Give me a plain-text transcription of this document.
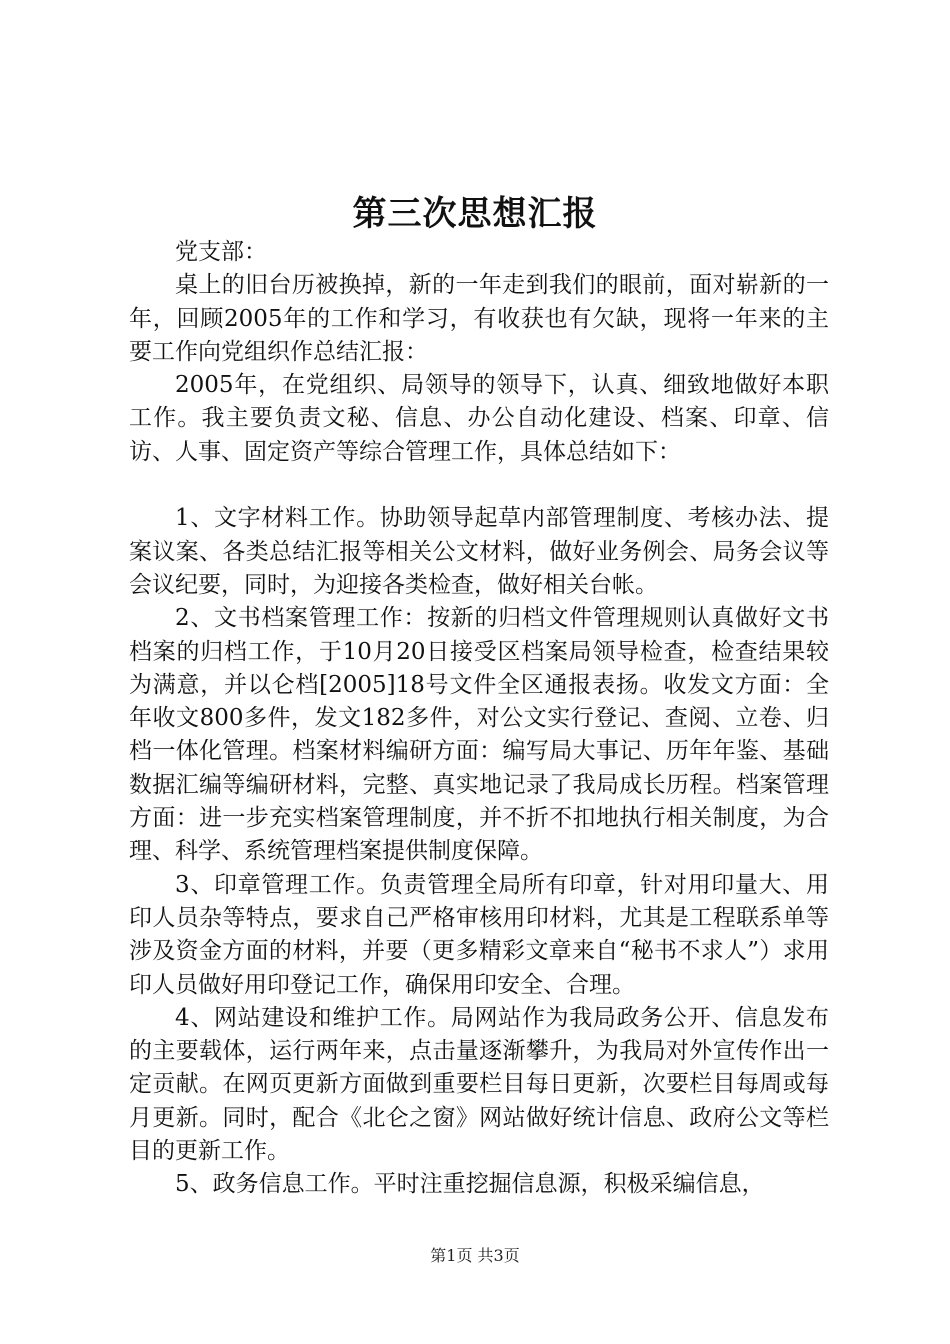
第三次思想汇报

党支部：

桌上的旧台历被换掉，新的一年走到我们的眼前，面对崭新的一年，回顾2005年的工作和学习，有收获也有欠缺，现将一年来的主要工作向党组织作总结汇报：

2005年，在党组织、局领导的领导下，认真、细致地做好本职工作。我主要负责文秘、信息、办公自动化建设、档案、印章、信访、人事、固定资产等综合管理工作，具体总结如下：

1、文字材料工作。协助领导起草内部管理制度、考核办法、提案议案、各类总结汇报等相关公文材料，做好业务例会、局务会议等会议纪要，同时，为迎接各类检查，做好相关台帐。

2、文书档案管理工作：按新的归档文件管理规则认真做好文书档案的归档工作，于10月20日接受区档案局领导检查，检查结果较为满意，并以仑档[2005]18号文件全区通报表扬。收发文方面：全年收文800多件，发文182多件，对公文实行登记、查阅、立卷、归档一体化管理。档案材料编研方面：编写局大事记、历年年鉴、基础数据汇编等编研材料，完整、真实地记录了我局成长历程。档案管理方面：进一步充实档案管理制度，并不折不扣地执行相关制度，为合理、科学、系统管理档案提供制度保障。

3、印章管理工作。负责管理全局所有印章，针对用印量大、用印人员杂等特点，要求自己严格审核用印材料，尤其是工程联系单等涉及资金方面的材料，并要（更多精彩文章来自“秘书不求人”）求用印人员做好用印登记工作，确保用印安全、合理。

4、网站建设和维护工作。局网站作为我局政务公开、信息发布的主要载体，运行两年来，点击量逐渐攀升，为我局对外宣传作出一定贡献。在网页更新方面做到重要栏目每日更新，次要栏目每周或每月更新。同时，配合《北仑之窗》网站做好统计信息、政府公文等栏目的更新工作。

5、政务信息工作。平时注重挖掘信息源，积极采编信息，

第1页 共3页
